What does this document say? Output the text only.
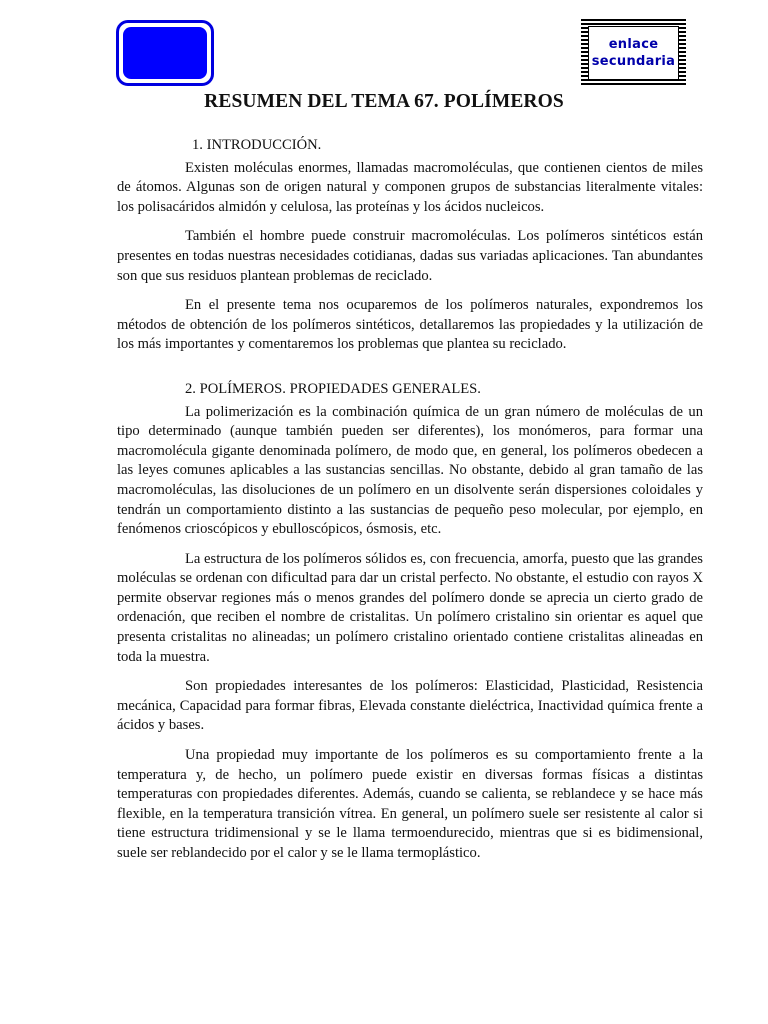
enlace
secundaria
RESUMEN DEL TEMA 67. POLÍMEROS
1. INTRODUCCIÓN.

Existen moléculas enormes, llamadas macromoléculas, que contienen cientos de miles de átomos. Algunas son de origen natural y componen grupos de substancias literalmente vitales: los polisacáridos almidón y celulosa, las proteínas y los ácidos nucleicos.

También el hombre puede construir macromoléculas. Los polímeros sintéticos están presentes en todas nuestras necesidades cotidianas, dadas sus variadas aplicaciones. Tan abundantes son que sus residuos plantean problemas de reciclado.

En el presente tema nos ocuparemos de los polímeros naturales, expondremos los métodos de obtención de los polímeros sintéticos, detallaremos las propiedades y la utilización de los más importantes y comentaremos los problemas que plantea su reciclado.

2. POLÍMEROS. PROPIEDADES GENERALES.

La polimerización es la combinación química de un gran número de moléculas de un tipo determinado (aunque también pueden ser diferentes), los monómeros, para formar una macromolécula gigante denominada polímero, de modo que, en general, los polímeros obedecen a las leyes comunes aplicables a las sustancias sencillas. No obstante, debido al gran tamaño de las macromoléculas, las disoluciones de un polímero en un disolvente serán dispersiones coloidales y tendrán un comportamiento distinto a las sustancias de pequeño peso molecular, por ejemplo, en fenómenos crioscópicos y ebulloscópicos, ósmosis, etc.

La estructura de los polímeros sólidos es, con frecuencia, amorfa, puesto que las grandes moléculas se ordenan con dificultad para dar un cristal perfecto. No obstante, el estudio con rayos X permite observar regiones más o menos grandes del polímero donde se aprecia un cierto grado de ordenación, que reciben el nombre de cristalitas. Un polímero cristalino sin orientar es aquel que presenta cristalitas no alineadas; un polímero cristalino orientado contiene cristalitas alineadas en toda la muestra.

Son propiedades interesantes de los polímeros: Elasticidad, Plasticidad, Resistencia mecánica, Capacidad para formar fibras, Elevada constante dieléctrica, Inactividad química frente a ácidos y bases.

Una propiedad muy importante de los polímeros es su comportamiento frente a la temperatura y, de hecho, un polímero puede existir en diversas formas físicas a distintas temperaturas con propiedades diferentes. Además, cuando se calienta, se reblandece y se hace más flexible, en la temperatura transición vítrea. En general, un polímero suele ser resistente al calor si tiene estructura tridimensional y se le llama termoendurecido, mientras que si es bidimensional, suele ser reblandecido por el calor y se le llama termoplástico.
